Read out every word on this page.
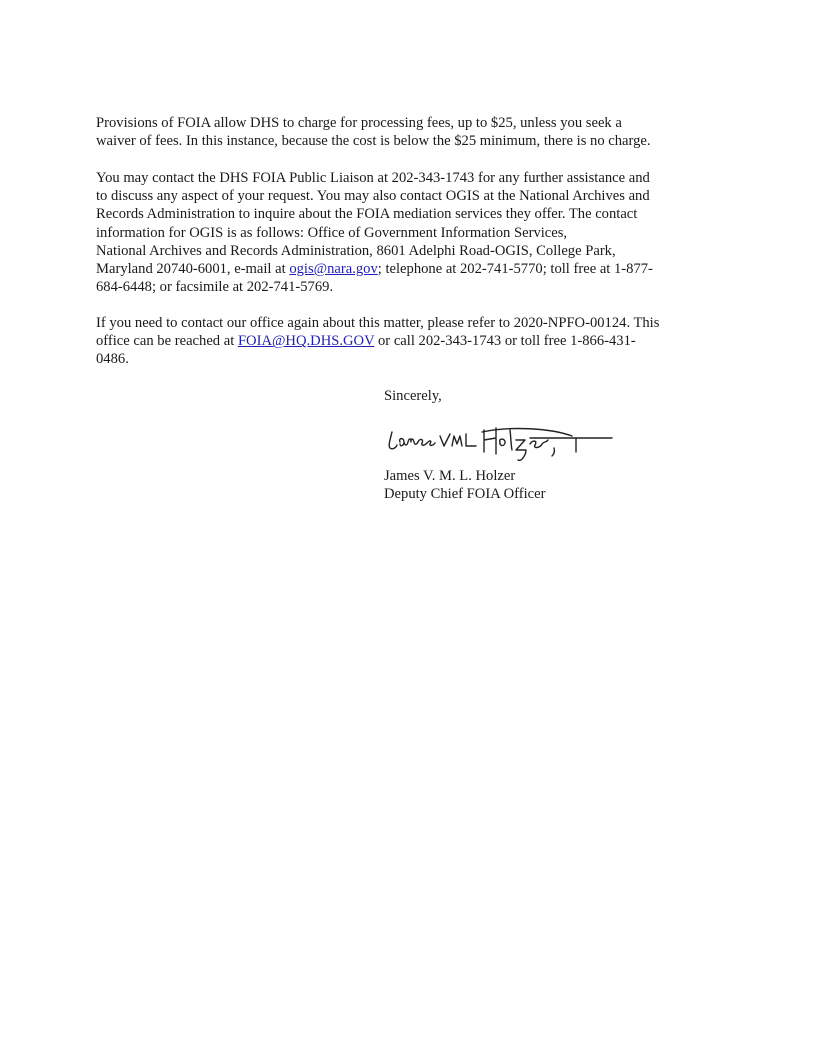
Provisions of FOIA allow DHS to charge for processing fees, up to $25, unless you seek a
waiver of fees. In this instance, because the cost is below the $25 minimum, there is no charge.

You may contact the DHS FOIA Public Liaison at 202-343-1743 for any further assistance and
to discuss any aspect of your request. You may also contact OGIS at the National Archives and
Records Administration to inquire about the FOIA mediation services they offer. The contact
information for OGIS is as follows: Office of Government Information Services,
National Archives and Records Administration, 8601 Adelphi Road-OGIS, College Park,
Maryland 20740-6001, e-mail at ogis@nara.gov; telephone at 202-741-5770; toll free at 1-877-
684-6448; or facsimile at 202-741-5769.

If you need to contact our office again about this matter, please refer to 2020-NPFO-00124. This
office can be reached at FOIA@HQ.DHS.GOV or call 202-343-1743 or toll free 1-866-431-
0486.

Sincerely,
James V. M. L. Holzer
Deputy Chief FOIA Officer
